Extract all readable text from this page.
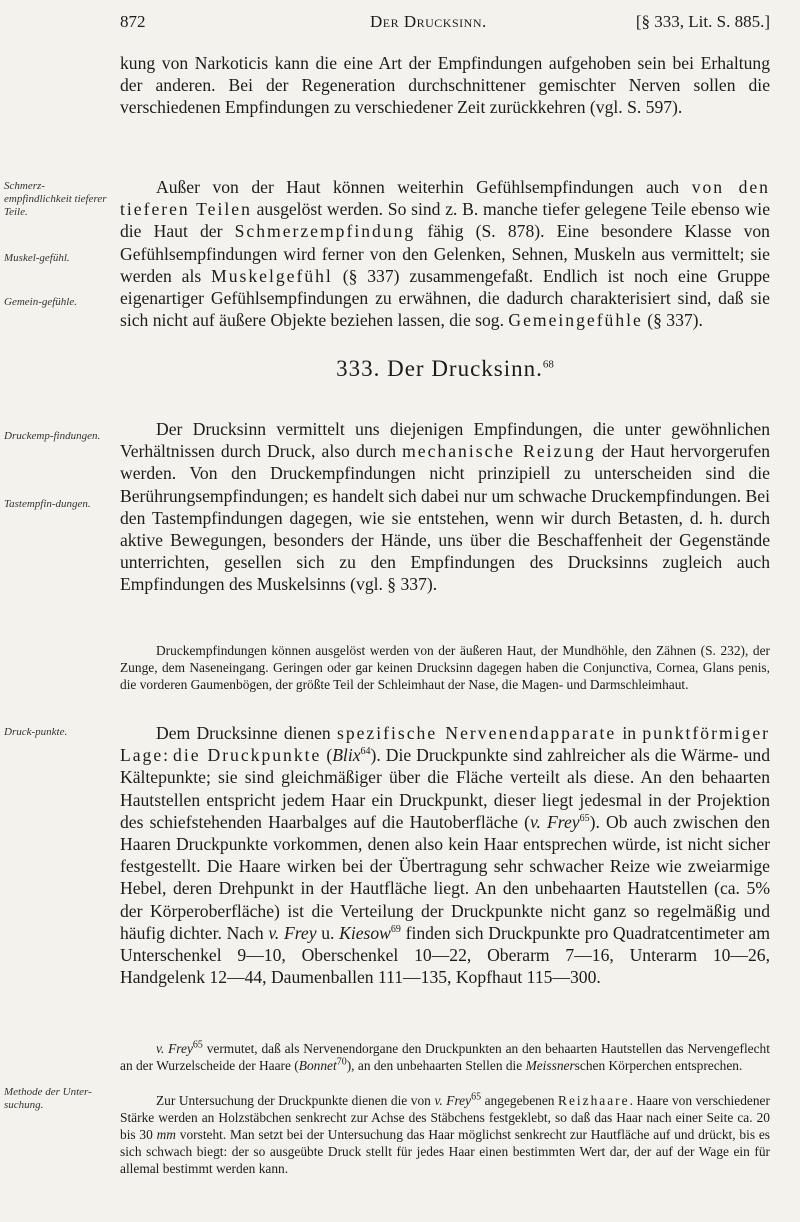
872	Der Drucksinn.	[§ 333, Lit. S. 885.]
Schmerz-empfindlichkeit tieferer Teile.
Muskel-gefühl.
Gemein-gefühle.
Druckemp-findungen.
Tastempfin-dungen.
Druck-punkte.
Methode der Unter-suchung.

kung von Narkoticis kann die eine Art der Empfindungen aufgehoben sein bei Erhaltung der anderen. Bei der Regeneration durchschnittener gemischter Nerven sollen die verschiedenen Empfindungen zu verschiedener Zeit zurückkehren (vgl. S. 597).

Außer von der Haut können weiterhin Gefühlsempfindungen auch von den tieferen Teilen ausgelöst werden. So sind z. B. manche tiefer gelegene Teile ebenso wie die Haut der Schmerzempfindung fähig (S. 878). Eine besondere Klasse von Gefühlsempfindungen wird ferner von den Gelenken, Sehnen, Muskeln aus vermittelt; sie werden als Muskelgefühl (§ 337) zusammengefaßt. Endlich ist noch eine Gruppe eigenartiger Gefühlsempfindungen zu erwähnen, die dadurch charakterisiert sind, daß sie sich nicht auf äußere Objekte beziehen lassen, die sog. Gemeingefühle (§ 337).

333. Der Drucksinn.$^{68}$

Der Drucksinn vermittelt uns diejenigen Empfindungen, die unter gewöhnlichen Verhältnissen durch Druck, also durch mechanische Reizung der Haut hervorgerufen werden. Von den Druckempfindungen nicht prinzipiell zu unterscheiden sind die Berührungsempfindungen; es handelt sich dabei nur um schwache Druckempfindungen. Bei den Tastempfindungen dagegen, wie sie entstehen, wenn wir durch Betasten, d. h. durch aktive Bewegungen, besonders der Hände, uns über die Beschaffenheit der Gegenstände unterrichten, gesellen sich zu den Empfindungen des Drucksinns zugleich auch Empfindungen des Muskelsinns (vgl. § 337).

Druckempfindungen können ausgelöst werden von der äußeren Haut, der Mundhöhle, den Zähnen (S. 232), der Zunge, dem Naseneingang. Geringen oder gar keinen Drucksinn dagegen haben die Conjunctiva, Cornea, Glans penis, die vorderen Gaumenbögen, der größte Teil der Schleimhaut der Nase, die Magen- und Darmschleimhaut.

Dem Drucksinne dienen spezifische Nervenendapparate in punktförmiger Lage: die Druckpunkte (Blix$^{64}$). Die Druckpunkte sind zahlreicher als die Wärme- und Kältepunkte; sie sind gleichmäßiger über die Fläche verteilt als diese. An den behaarten Hautstellen entspricht jedem Haar ein Druckpunkt, dieser liegt jedesmal in der Projektion des schiefstehenden Haarbalges auf die Hautoberfläche (v. Frey$^{65}$). Ob auch zwischen den Haaren Druckpunkte vorkommen, denen also kein Haar entsprechen würde, ist nicht sicher festgestellt. Die Haare wirken bei der Übertragung sehr schwacher Reize wie zweiarmige Hebel, deren Drehpunkt in der Hautfläche liegt. An den unbehaarten Hautstellen (ca. 5% der Körperoberfläche) ist die Verteilung der Druckpunkte nicht ganz so regelmäßig und häufig dichter. Nach v. Frey u. Kiesow$^{69}$ finden sich Druckpunkte pro Quadratcentimeter am Unterschenkel 9—10, Oberschenkel 10—22, Oberarm 7—16, Unterarm 10—26, Handgelenk 12—44, Daumenballen 111—135, Kopfhaut 115—300.

v. Frey$^{65}$ vermutet, daß als Nervenendorgane den Druckpunkten an den behaarten Hautstellen das Nervengeflecht an der Wurzelscheide der Haare (Bonnet$^{70}$), an den unbehaarten Stellen die Meissnerschen Körperchen entsprechen.

Zur Untersuchung der Druckpunkte dienen die von v. Frey$^{65}$ angegebenen Reizhaare. Haare von verschiedener Stärke werden an Holzstäbchen senkrecht zur Achse des Stäbchens festgeklebt, so daß das Haar nach einer Seite ca. 20 bis 30 mm vorsteht. Man setzt bei der Untersuchung das Haar möglichst senkrecht zur Hautfläche auf und drückt, bis es sich schwach biegt: der so ausgeübte Druck stellt für jedes Haar einen bestimmten Wert dar, der auf der Wage ein für allemal bestimmt werden kann.
